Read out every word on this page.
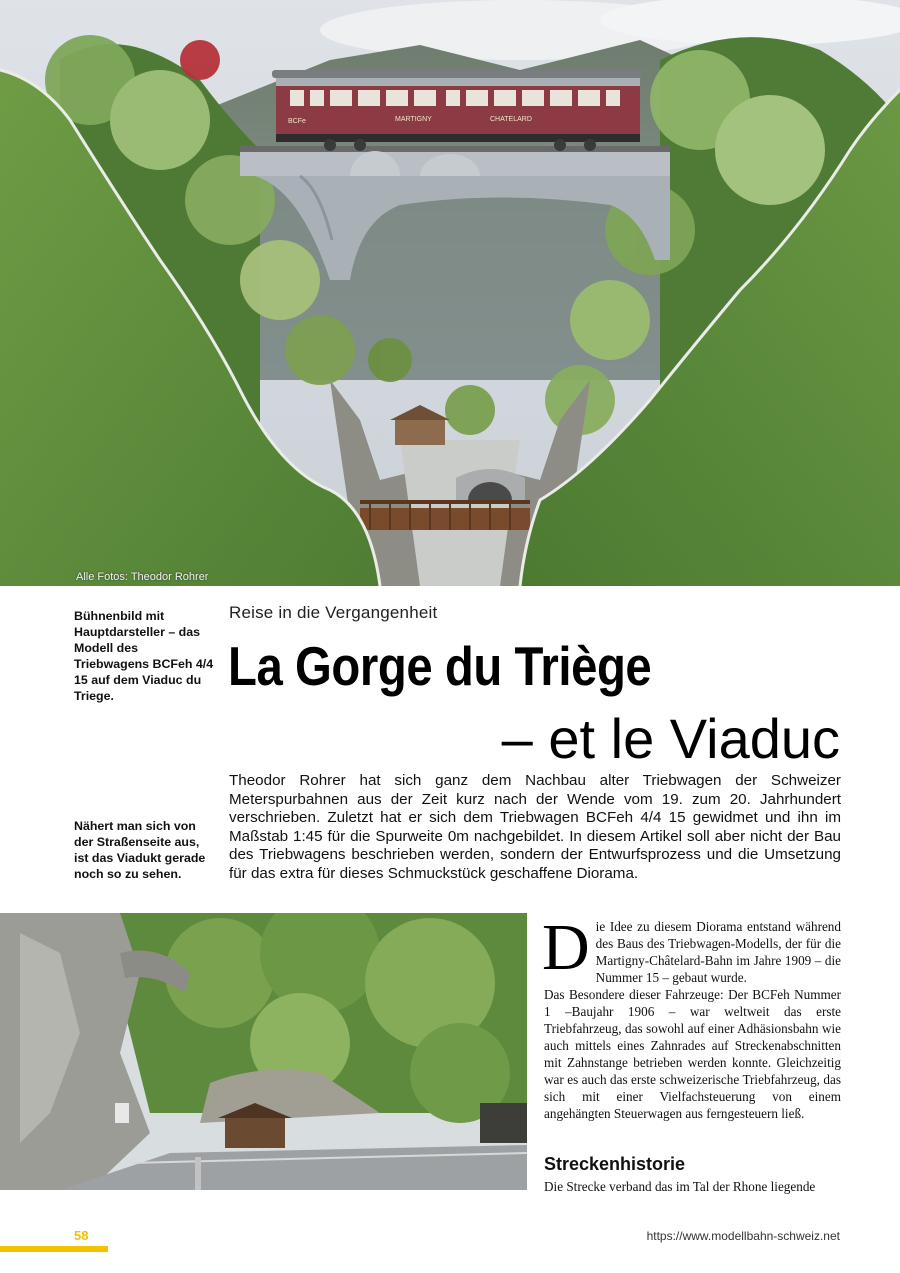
BCFe	MARTIGNY	CHATELARD
Alle Fotos: Theodor Rohrer
Bühnenbild mit Hauptdarsteller – das Modell des Triebwagens BCFeh 4/4 15 auf dem Viaduc du Triege.
Nähert man sich von der Straßenseite aus, ist das Viadukt gerade noch so zu sehen.
Reise in die Vergangenheit
La Gorge du Triège
– et le Viaduc

Theodor Rohrer hat sich ganz dem Nachbau alter Triebwagen der Schweizer Meterspurbahnen aus der Zeit kurz nach der Wende vom 19. zum 20. Jahrhundert verschrieben. Zuletzt hat er sich dem Triebwagen BCFeh 4/4 15 gewidmet und ihn im Maßstab 1:45 für die Spurweite 0m nachgebildet. In diesem Artikel soll aber nicht der Bau des Triebwagens beschrieben werden, sondern der Entwurfsprozess und die Umsetzung für das extra für dieses Schmuckstück geschaffene Diorama.

D ie Idee zu diesem Diorama entstand während des Baus des Triebwagen-Modells, der für die Martigny-Châtelard-Bahn im Jahre 1909 – die Nummer 15 – gebaut wurde.

Das Besondere dieser Fahrzeuge: Der BCFeh Nummer 1 –Baujahr 1906 – war weltweit das erste Triebfahrzeug, das sowohl auf einer Adhäsionsbahn wie auch mittels eines Zahnrades auf Streckenabschnitten mit Zahnstange betrieben werden konnte. Gleichzeitig war es auch das erste schweizerische Triebfahrzeug, das sich mit einer Vielfachsteuerung von einem angehängten Steuerwagen aus ferngesteuern ließ.

Streckenhistorie

Die Strecke verband das im Tal der Rhone liegende

58	https://www.modellbahn-schweiz.net
